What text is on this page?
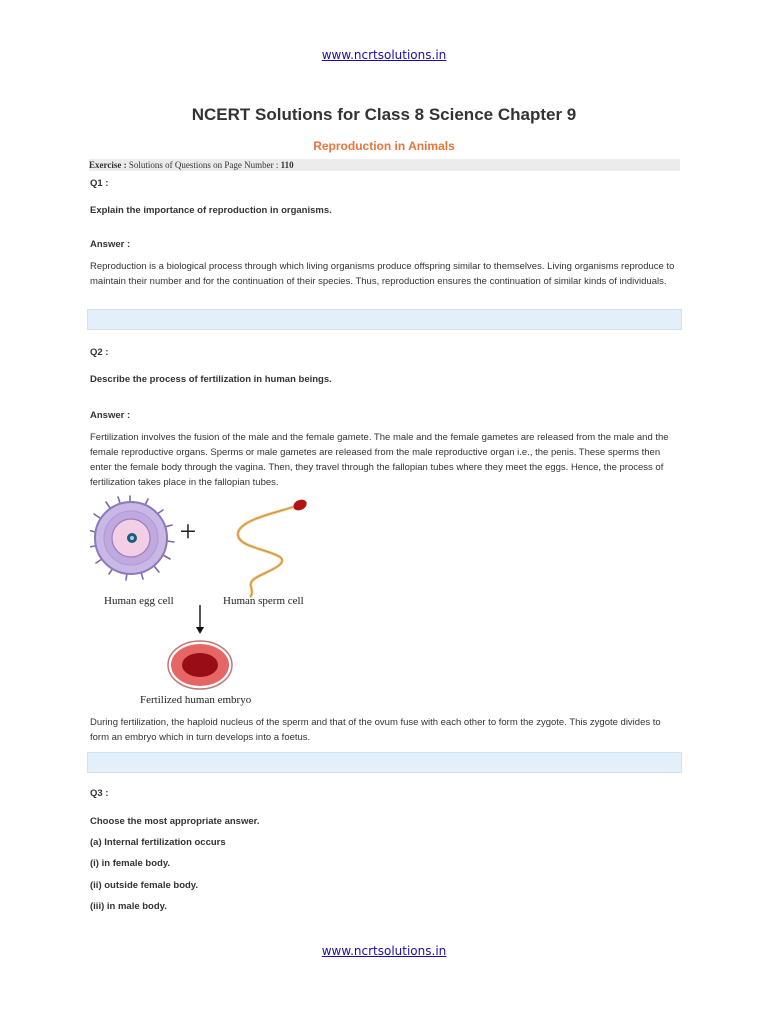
www.ncrtsolutions.in
NCERT Solutions for Class 8 Science Chapter 9
Reproduction in Animals
Exercise : Solutions of Questions on Page Number : 110
Q1 :
Explain the importance of reproduction in organisms.
Answer :
Reproduction is a biological process through which living organisms produce offspring similar to themselves. Living organisms reproduce to maintain their number and for the continuation of their species. Thus, reproduction ensures the continuation of similar kinds of individuals.
Q2 :
Describe the process of fertilization in human beings.
Answer :
Fertilization involves the fusion of the male and the female gamete. The male and the female gametes are released from the male and the female reproductive organs. Sperms or male gametes are released from the male reproductive organ i.e., the penis. These sperms then enter the female body through the vagina. Then, they travel through the fallopian tubes where they meet the eggs. Hence, the process of fertilization takes place in the fallopian tubes.
+
Human egg cell	Human sperm cell
Fertilized human embryo
During fertilization, the haploid nucleus of the sperm and that of the ovum fuse with each other to form the zygote. This zygote divides to form an embryo which in turn develops into a foetus.
Q3 :
Choose the most appropriate answer.
(a) Internal fertilization occurs
(i) in female body.
(ii) outside female body.
(iii) in male body.
www.ncrtsolutions.in
